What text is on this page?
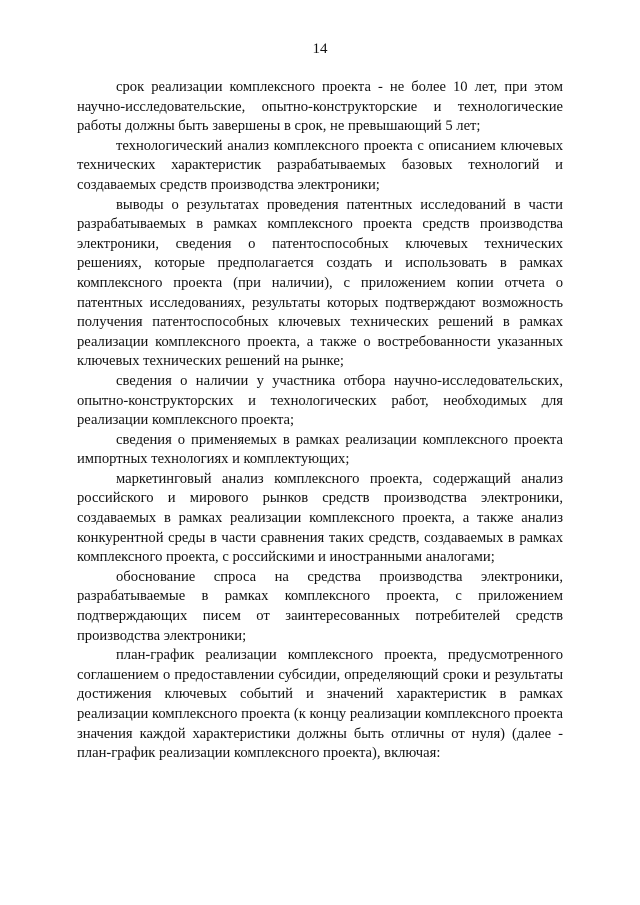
14

срок реализации комплексного проекта - не более 10 лет, при этом научно-исследовательские, опытно-конструкторские и технологические работы должны быть завершены в срок, не превышающий 5 лет;

технологический анализ комплексного проекта с описанием ключевых технических характеристик разрабатываемых базовых технологий и создаваемых средств производства электроники;

выводы о результатах проведения патентных исследований в части разрабатываемых в рамках комплексного проекта средств производства электроники, сведения о патентоспособных ключевых технических решениях, которые предполагается создать и использовать в рамках комплексного проекта (при наличии), с приложением копии отчета о патентных исследованиях, результаты которых подтверждают возможность получения патентоспособных ключевых технических решений в рамках реализации комплексного проекта, а также о востребованности указанных ключевых технических решений на рынке;

сведения о наличии у участника отбора научно-исследовательских, опытно-конструкторских и технологических работ, необходимых для реализации комплексного проекта;

сведения о применяемых в рамках реализации комплексного проекта импортных технологиях и комплектующих;

маркетинговый анализ комплексного проекта, содержащий анализ российского и мирового рынков средств производства электроники, создаваемых в рамках реализации комплексного проекта, а также анализ конкурентной среды в части сравнения таких средств, создаваемых в рамках комплексного проекта, с российскими и иностранными аналогами;

обоснование спроса на средства производства электроники, разрабатываемые в рамках комплексного проекта, с приложением подтверждающих писем от заинтересованных потребителей средств производства электроники;

план-график реализации комплексного проекта, предусмотренного соглашением о предоставлении субсидии, определяющий сроки и результаты достижения ключевых событий и значений характеристик в рамках реализации комплексного проекта (к концу реализации комплексного проекта значения каждой характеристики должны быть отличны от нуля) (далее - план-график реализации комплексного проекта), включая:
